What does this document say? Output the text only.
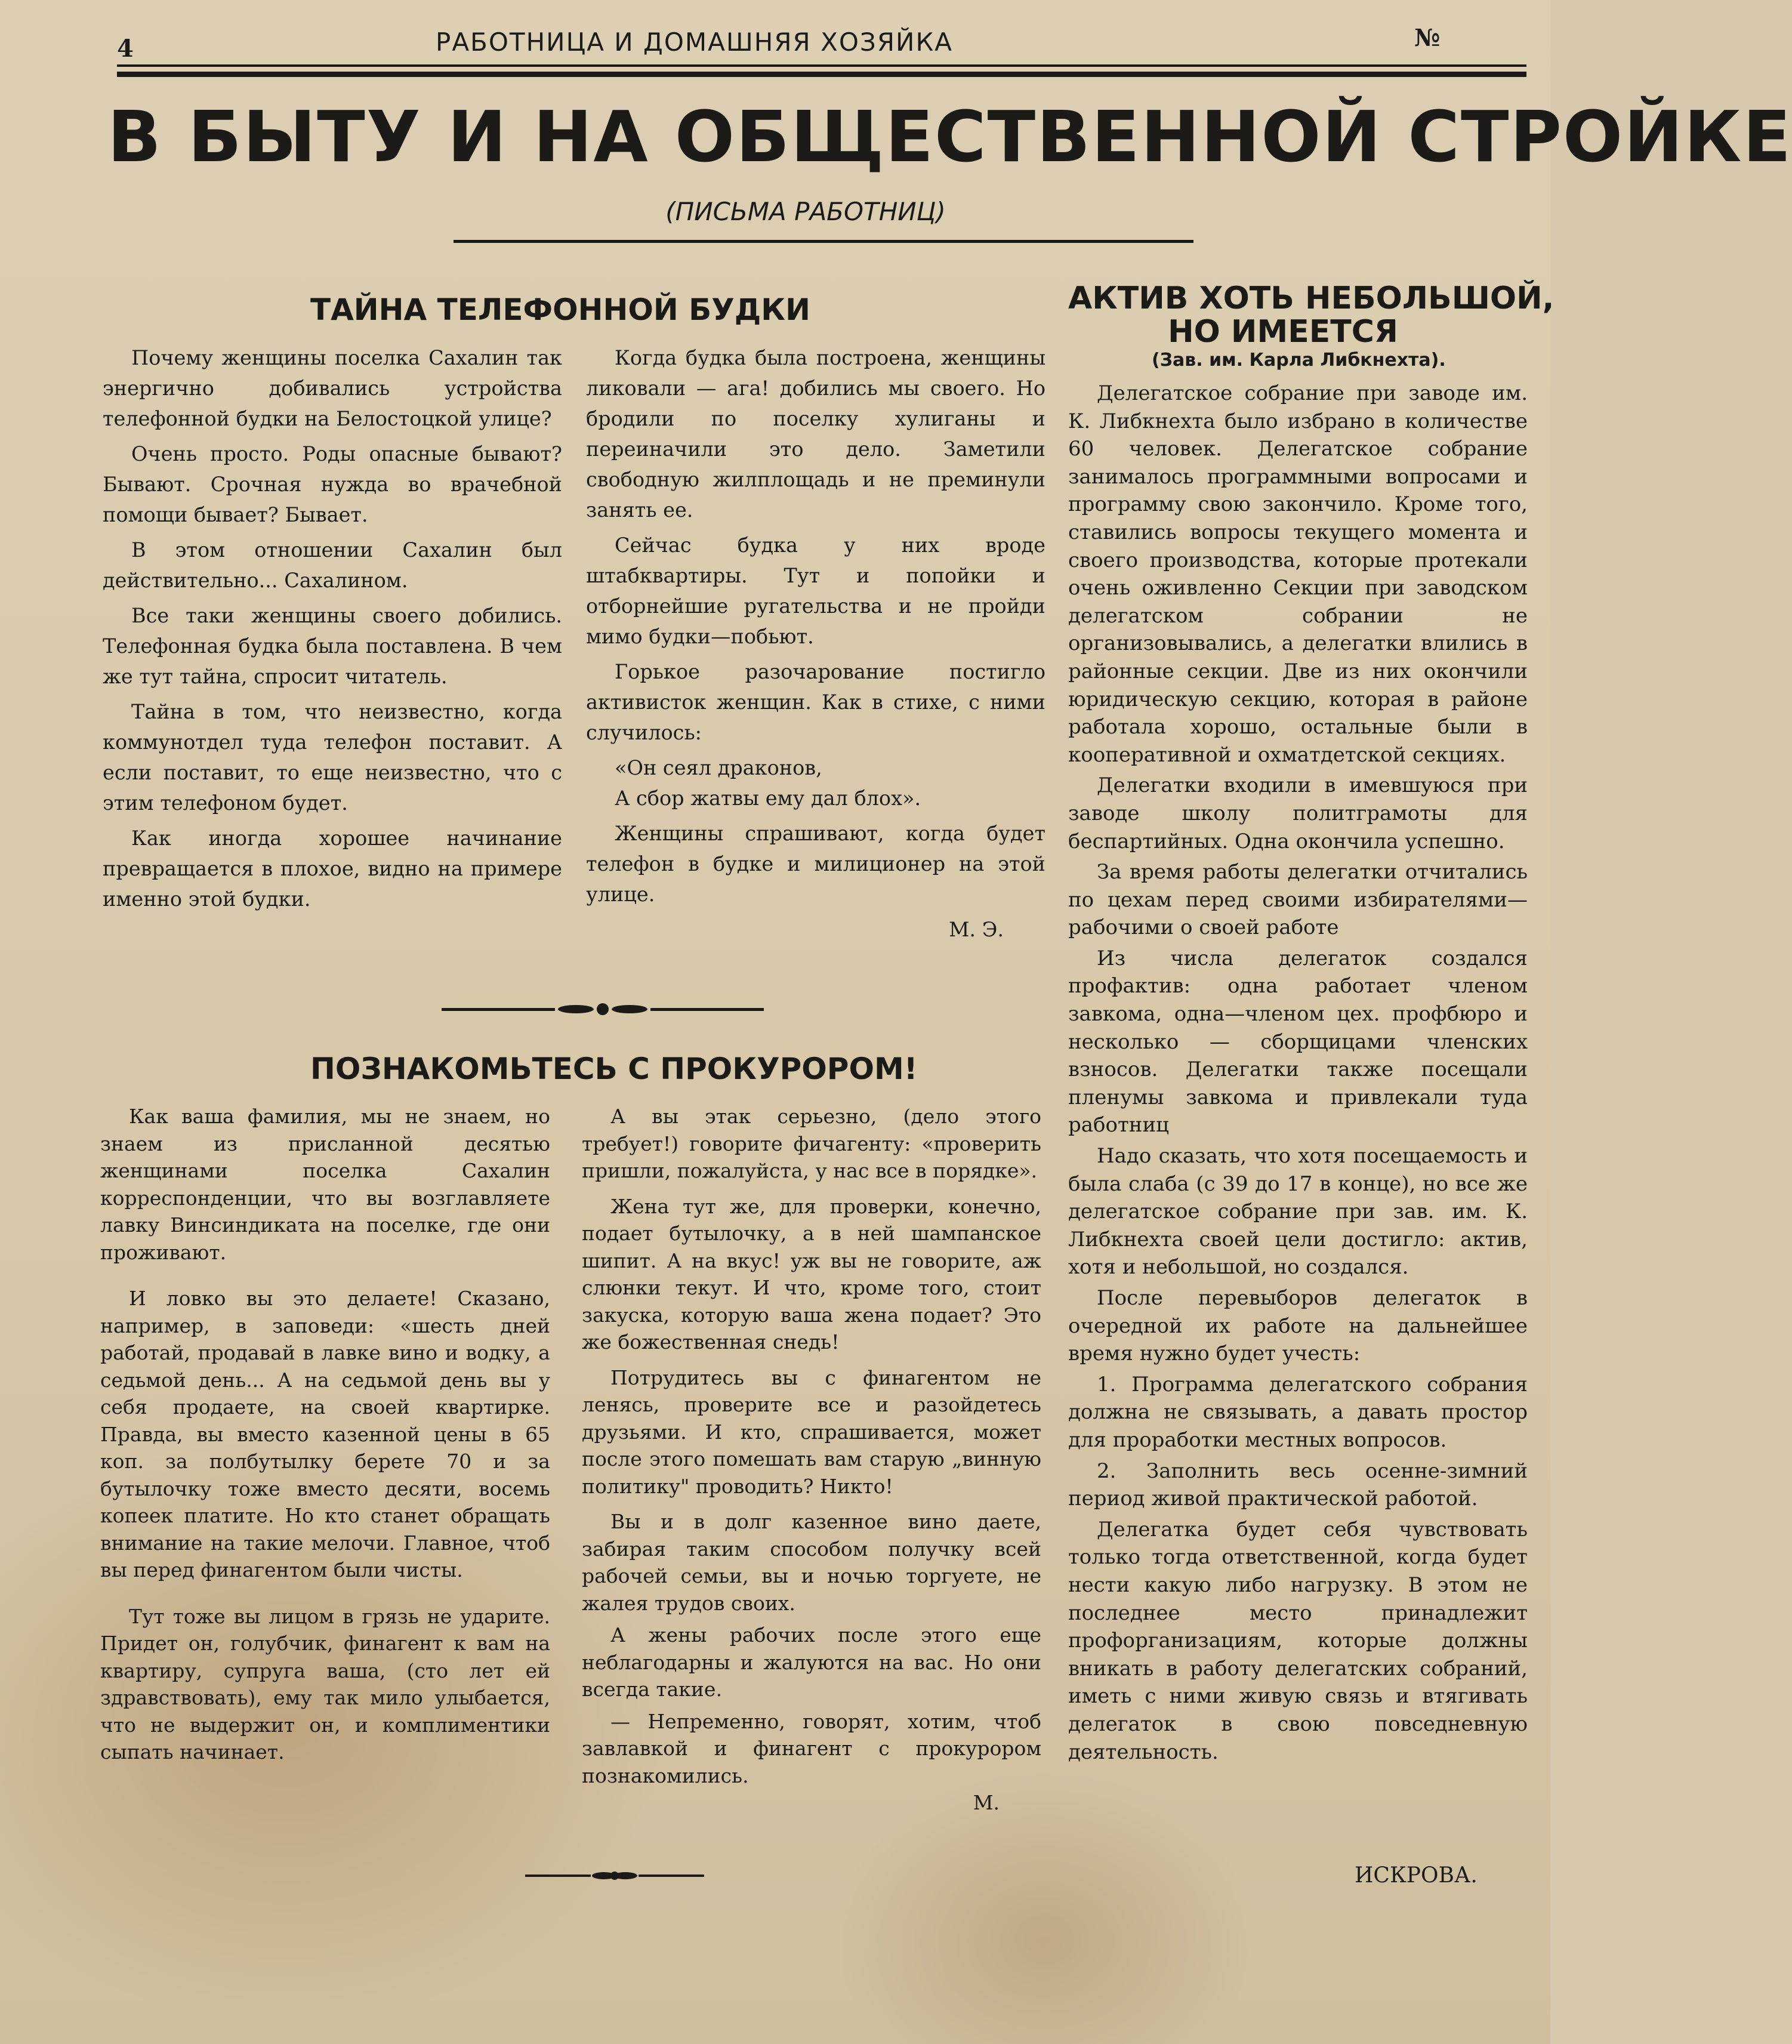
4	РАБОТНИЦА И ДОМАШНЯЯ ХОЗЯЙКА	№
В БЫТУ И НА ОБЩЕСТВЕННОЙ СТРОЙКЕ
(ПИСЬМА РАБОТНИЦ)
ТАЙНА ТЕЛЕФОННОЙ БУДКИ

Почему женщины поселка Сахалин так энергично добивались устройства телефонной будки на Белостоцкой улице?

Очень просто. Роды опасные бывают? Бывают. Срочная нужда во врачебной помощи бывает? Бывает.

В этом отношении Сахалин был действительно... Сахалином.

Все таки женщины своего добились. Телефонная будка была поставлена. В чем же тут тайна, спросит читатель.

Тайна в том, что неизвестно, когда коммунотдел туда телефон поставит. А если поставит, то еще неизвестно, что с этим телефоном будет.

Как иногда хорошее начинание превращается в плохое, видно на примере именно этой будки.

Когда будка была построена, женщины ликовали — ага! добились мы своего. Но бродили по поселку хулиганы и переиначили это дело. Заметили свободную жилплощадь и не преминули занять ее.

Сейчас будка у них вроде штабквартиры. Тут и попойки и отборнейшие ругательства и не пройди мимо будки—побьют.

Горькое разочарование постигло активисток женщин. Как в стихе, с ними случилось:

«Он сеял драконов,

А сбор жатвы ему дал блох».

Женщины спрашивают, когда будет телефон в будке и милиционер на этой улице.

М. Э.

ПОЗНАКОМЬТЕСЬ С ПРОКУРОРОМ!

Как ваша фамилия, мы не знаем, но знаем из присланной десятью женщинами поселка Сахалин корреспонденции, что вы возглавляете лавку Винсиндиката на поселке, где они проживают.

И ловко вы это делаете! Сказано, например, в заповеди: «шесть дней работай, продавай в лавке вино и водку, а седьмой день... А на седьмой день вы у себя продаете, на своей квартирке. Правда, вы вместо казенной цены в 65 коп. за полбутылку берете 70 и за бутылочку тоже вместо десяти, восемь копеек платите. Но кто станет обращать внимание на такие мелочи. Главное, чтоб вы перед финагентом были чисты.

Тут тоже вы лицом в грязь не ударите. Придет он, голубчик, финагент к вам на квартиру, супруга ваша, (сто лет ей здравствовать), ему так мило улыбается, что не выдержит он, и комплиментики сыпать начинает.

А вы этак серьезно, (дело этого требует!) говорите фичагенту: «проверить пришли, пожалуйста, у нас все в порядке».

Жена тут же, для проверки, конечно, подает бутылочку, а в ней шампанское шипит. А на вкус! уж вы не говорите, аж слюнки текут. И что, кроме того, стоит закуска, которую ваша жена подает? Это же божественная снедь!

Потрудитесь вы с финагентом не ленясь, проверите все и разойдетесь друзьями. И кто, спрашивается, может после этого помешать вам старую „винную политику" проводить? Никто!

Вы и в долг казенное вино даете, забирая таким способом получку всей рабочей семьи, вы и ночью торгуете, не жалея трудов своих.

А жены рабочих после этого еще неблагодарны и жалуются на вас. Но они всегда такие.

— Непременно, говорят, хотим, чтоб завлавкой и финагент с прокурором познакомились.

М.

АКТИВ ХОТЬ НЕБОЛЬШОЙ,
НО ИМЕЕТСЯ
(Зав. им. Карла Либкнехта).

Делегатское собрание при заводе им. К. Либкнехта было избрано в количестве 60 человек. Делегатское собрание занималось программными вопросами и программу свою закончило. Кроме того, ставились вопросы текущего момента и своего производства, которые протекали очень оживленно Секции при заводском делегатском собрании не организовывались, а делегатки влились в районные секции. Две из них окончили юридическую секцию, которая в районе работала хорошо, остальные были в кооперативной и охматдетской секциях.

Делегатки входили в имевшуюся при заводе школу политграмоты для беспартийных. Одна окончила успешно.

За время работы делегатки отчитались по цехам перед своими избирателями—рабочими о своей работе

Из числа делегаток создался профактив: одна работает членом завкома, одна—членом цех. профбюро и несколько — сборщицами членских взносов. Делегатки также посещали пленумы завкома и привлекали туда работниц

Надо сказать, что хотя посещаемость и была слаба (с 39 до 17 в конце), но все же делегатское собрание при зав. им. К. Либкнехта своей цели достигло: актив, хотя и небольшой, но создался.

После перевыборов делегаток в очередной их работе на дальнейшее время нужно будет учесть:

1. Программа делегатского собрания должна не связывать, а давать простор для проработки местных вопросов.

2. Заполнить весь осенне-зимний период живой практической работой.

Делегатка будет себя чувствовать только тогда ответственной, когда будет нести какую либо нагрузку. В этом не последнее место принадлежит профорганизациям, которые должны вникать в работу делегатских собраний, иметь с ними живую связь и втягивать делегаток в свою повседневную деятельность.

ИСКРОВА.
